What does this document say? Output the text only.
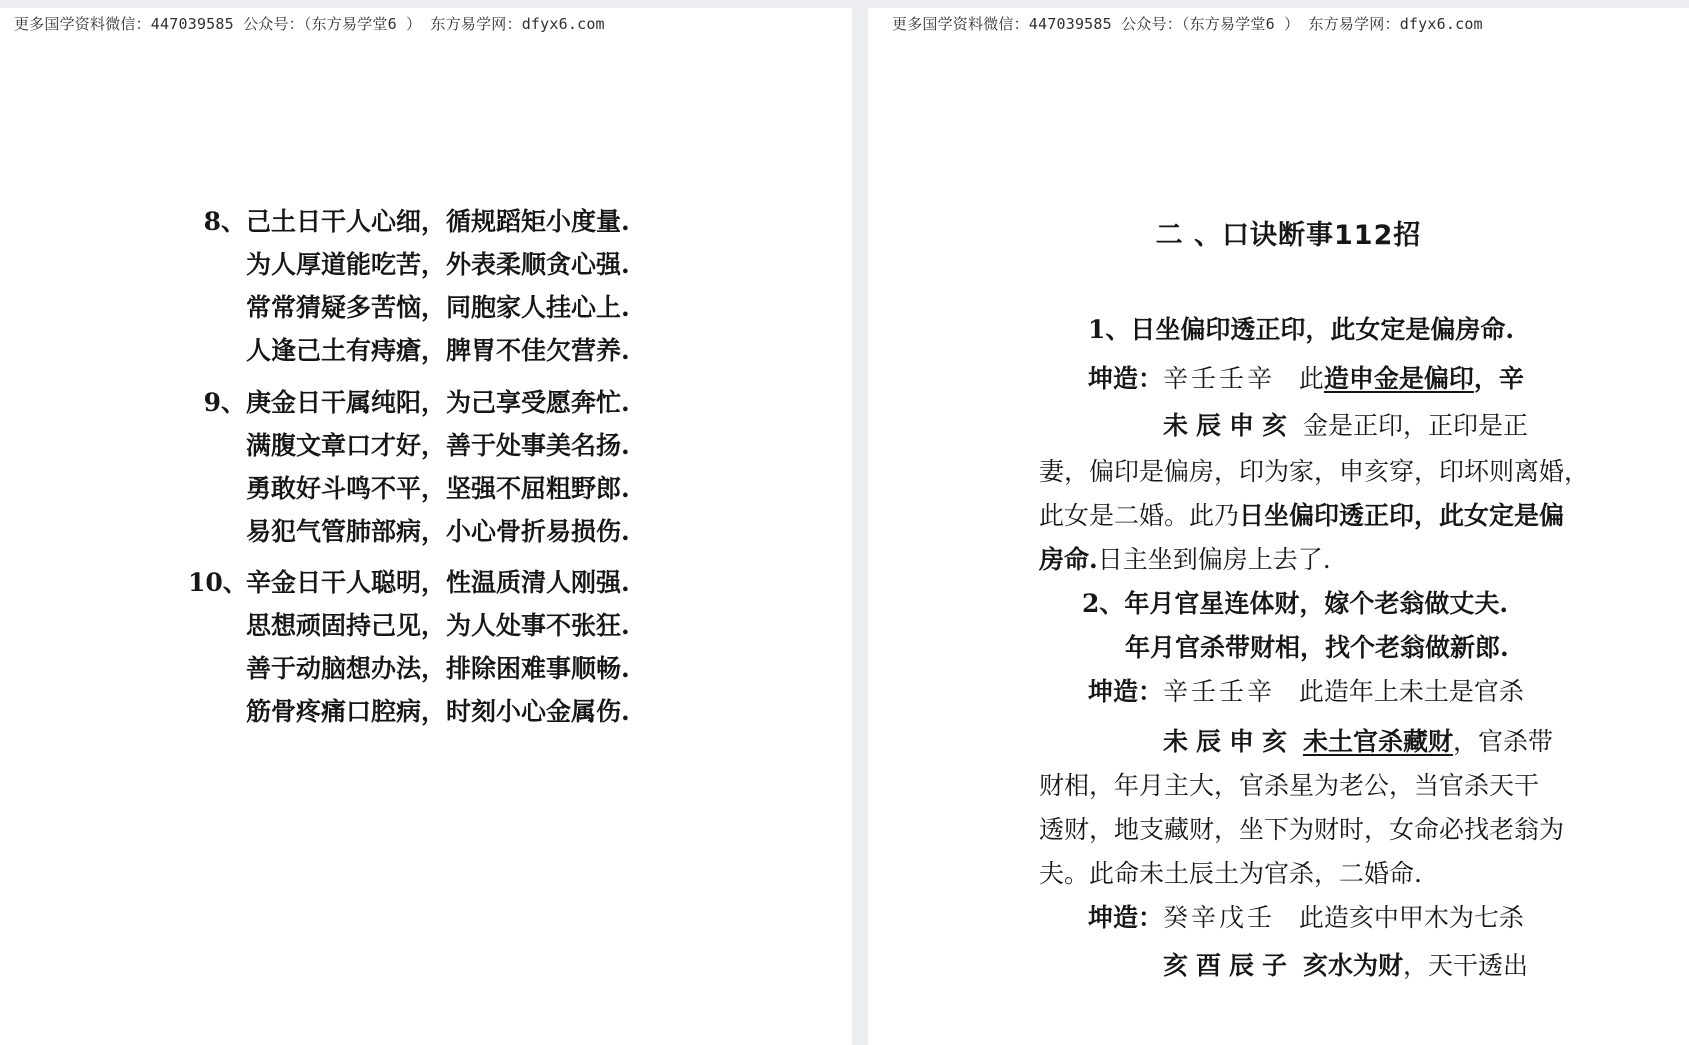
更多国学资料微信：447039585 公众号：（东方易学堂6 ） 东方易学网：dfyx6.com
8、己土日干人心细，循规蹈矩小度量.
为人厚道能吃苦，外表柔顺贪心强.
常常猜疑多苦恼，同胞家人挂心上.
人逢己土有痔瘡，脾胃不佳欠营养.
9、庚金日干属纯阳，为己享受愿奔忙.
满腹文章口才好，善于处事美名扬.
勇敢好斗鸣不平，坚强不屈粗野郎.
易犯气管肺部病，小心骨折易损伤.
10、辛金日干人聪明，性温质清人刚强.
思想顽固持己见，为人处事不张狂.
善于动脑想办法，排除困难事顺畅.
筋骨疼痛口腔病，时刻小心金属伤.
更多国学资料微信：447039585 公众号：（东方易学堂6 ） 东方易学网：dfyx6.com
二 、口诀断事112招
1、日坐偏印透正印，此女定是偏房命.
坤造：辛壬壬辛 此造申金是偏印，辛
未辰申亥 金是正印，正印是正
妻，偏印是偏房，印为家，申亥穿，印坏则离婚，
此女是二婚。此乃日坐偏印透正印，此女定是偏
房命.日主坐到偏房上去了.
2、年月官星连体财，嫁个老翁做丈夫.
年月官杀带财相，找个老翁做新郎.
坤造：辛壬壬辛 此造年上未土是官杀
未辰申亥 未土官杀藏财，官杀带
财相，年月主大，官杀星为老公，当官杀天干
透财，地支藏财，坐下为财时，女命必找老翁为
夫。此命未土辰土为官杀，二婚命.
坤造：癸辛戊壬 此造亥中甲木为七杀
亥酉辰子 亥水为财，天干透出
